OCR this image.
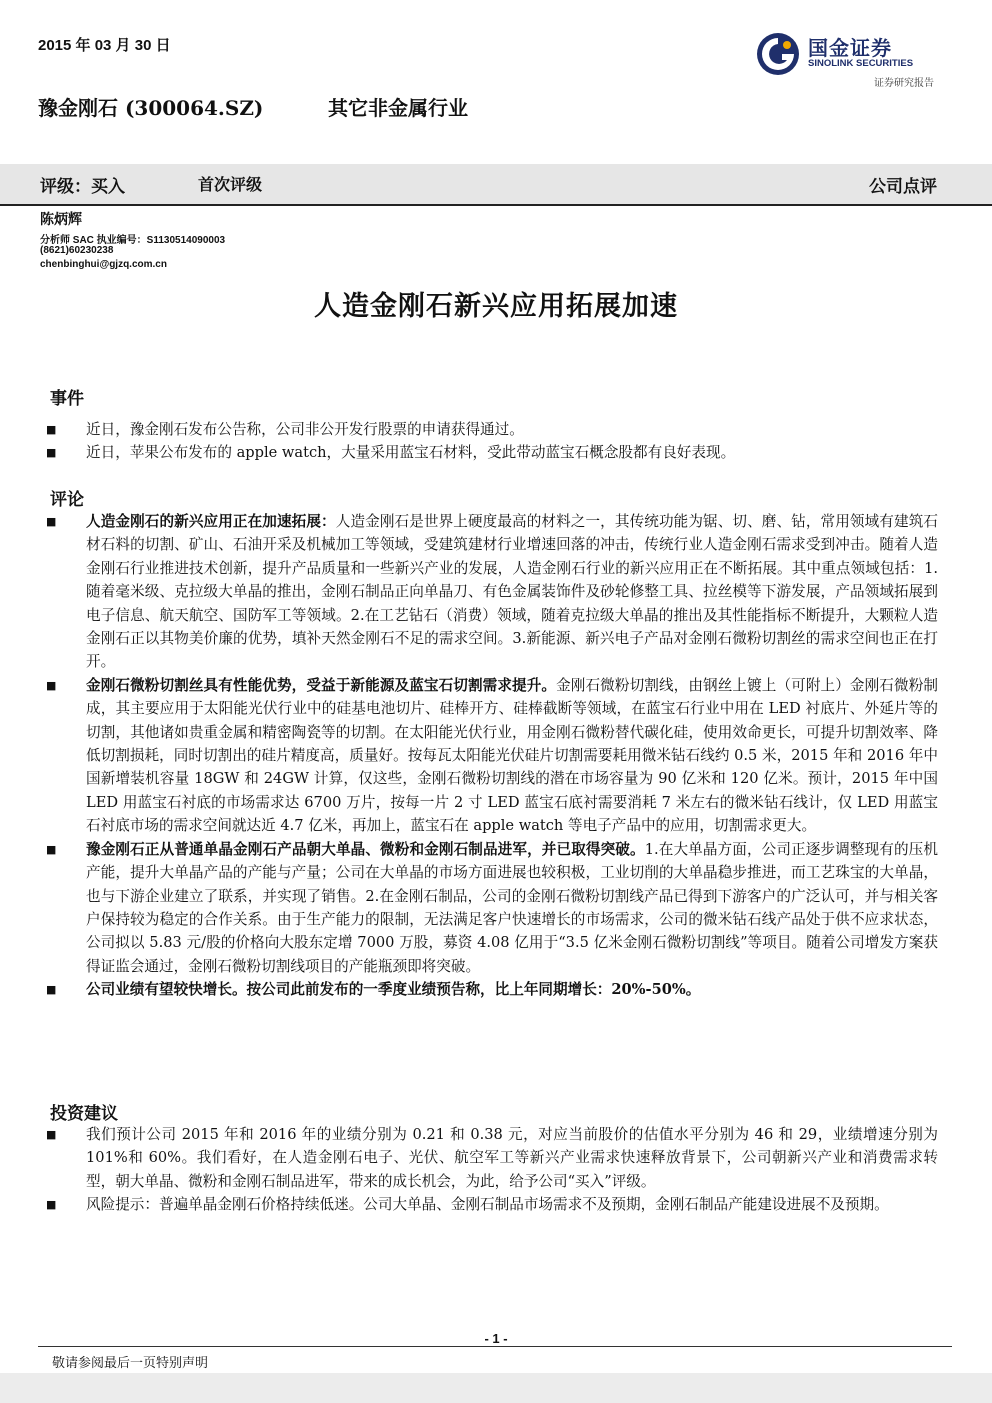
2015 年 03 月 30 日	国金证券
SINOLINK SECURITIES
证券研究报告
豫金刚石 (300064.SZ)	其它非金属行业
评级：买入	首次评级	公司点评
陈炳辉
分析师 SAC 执业编号：S1130514090003
(8621)60230238
chenbinghui@gjzq.com.cn
人造金刚石新兴应用拓展加速
事件
■ 近日，豫金刚石发布公告称，公司非公开发行股票的申请获得通过。
■ 近日，苹果公布发布的 apple watch，大量采用蓝宝石材料，受此带动蓝宝石概念股都有良好表现。
评论
■ 人造金刚石的新兴应用正在加速拓展：人造金刚石是世界上硬度最高的材料之一，其传统功能为锯、切、磨、钻，常用领域有建筑石材石料的切割、矿山、石油开采及机械加工等领域，受建筑建材行业增速回落的冲击，传统行业人造金刚石需求受到冲击。随着人造金刚石行业推进技术创新，提升产品质量和一些新兴产业的发展，人造金刚石行业的新兴应用正在不断拓展。其中重点领域包括：1.随着毫米级、克拉级大单晶的推出，金刚石制品正向单晶刀、有色金属装饰件及砂轮修整工具、拉丝模等下游发展，产品领域拓展到电子信息、航天航空、国防军工等领域。2.在工艺钻石（消费）领域，随着克拉级大单晶的推出及其性能指标不断提升，大颗粒人造金刚石正以其物美价廉的优势，填补天然金刚石不足的需求空间。3.新能源、新兴电子产品对金刚石微粉切割丝的需求空间也正在打开。
■ 金刚石微粉切割丝具有性能优势，受益于新能源及蓝宝石切割需求提升。金刚石微粉切割线，由钢丝上镀上（可附上）金刚石微粉制成，其主要应用于太阳能光伏行业中的硅基电池切片、硅棒开方、硅棒截断等领域，在蓝宝石行业中用在 LED 衬底片、外延片等的切割，其他诸如贵重金属和精密陶瓷等的切割。在太阳能光伏行业，用金刚石微粉替代碳化硅，使用效命更长，可提升切割效率、降低切割损耗，同时切割出的硅片精度高，质量好。按每瓦太阳能光伏硅片切割需要耗用微米钻石线约 0.5 米，2015 年和 2016 年中国新增装机容量 18GW 和 24GW 计算，仅这些，金刚石微粉切割线的潜在市场容量为 90 亿米和 120 亿米。预计，2015 年中国 LED 用蓝宝石衬底的市场需求达 6700 万片，按每一片 2 寸 LED 蓝宝石底衬需要消耗 7 米左右的微米钻石线计，仅 LED 用蓝宝石衬底市场的需求空间就达近 4.7 亿米，再加上，蓝宝石在 apple watch 等电子产品中的应用，切割需求更大。
■ 豫金刚石正从普通单晶金刚石产品朝大单晶、微粉和金刚石制品进军，并已取得突破。1.在大单晶方面，公司正逐步调整现有的压机产能，提升大单晶产品的产能与产量；公司在大单晶的市场方面进展也较积极，工业切削的大单晶稳步推进，而工艺珠宝的大单晶，也与下游企业建立了联系，并实现了销售。2.在金刚石制品，公司的金刚石微粉切割线产品已得到下游客户的广泛认可，并与相关客户保持较为稳定的合作关系。由于生产能力的限制，无法满足客户快速增长的市场需求，公司的微米钻石线产品处于供不应求状态，公司拟以 5.83 元/股的价格向大股东定增 7000 万股，募资 4.08 亿用于“3.5 亿米金刚石微粉切割线”等项目。随着公司增发方案获得证监会通过，金刚石微粉切割线项目的产能瓶颈即将突破。
■ 公司业绩有望较快增长。按公司此前发布的一季度业绩预告称，比上年同期增长：20%-50%。
投资建议
■ 我们预计公司 2015 年和 2016 年的业绩分别为 0.21 和 0.38 元，对应当前股价的估值水平分别为 46 和 29，业绩增速分别为 101%和 60%。我们看好，在人造金刚石电子、光伏、航空军工等新兴产业需求快速释放背景下，公司朝新兴产业和消费需求转型，朝大单晶、微粉和金刚石制品进军，带来的成长机会，为此，给予公司“买入”评级。
■ 风险提示：普遍单晶金刚石价格持续低迷。公司大单晶、金刚石制品市场需求不及预期，金刚石制品产能建设进展不及预期。
- 1 -
敬请参阅最后一页特别声明
